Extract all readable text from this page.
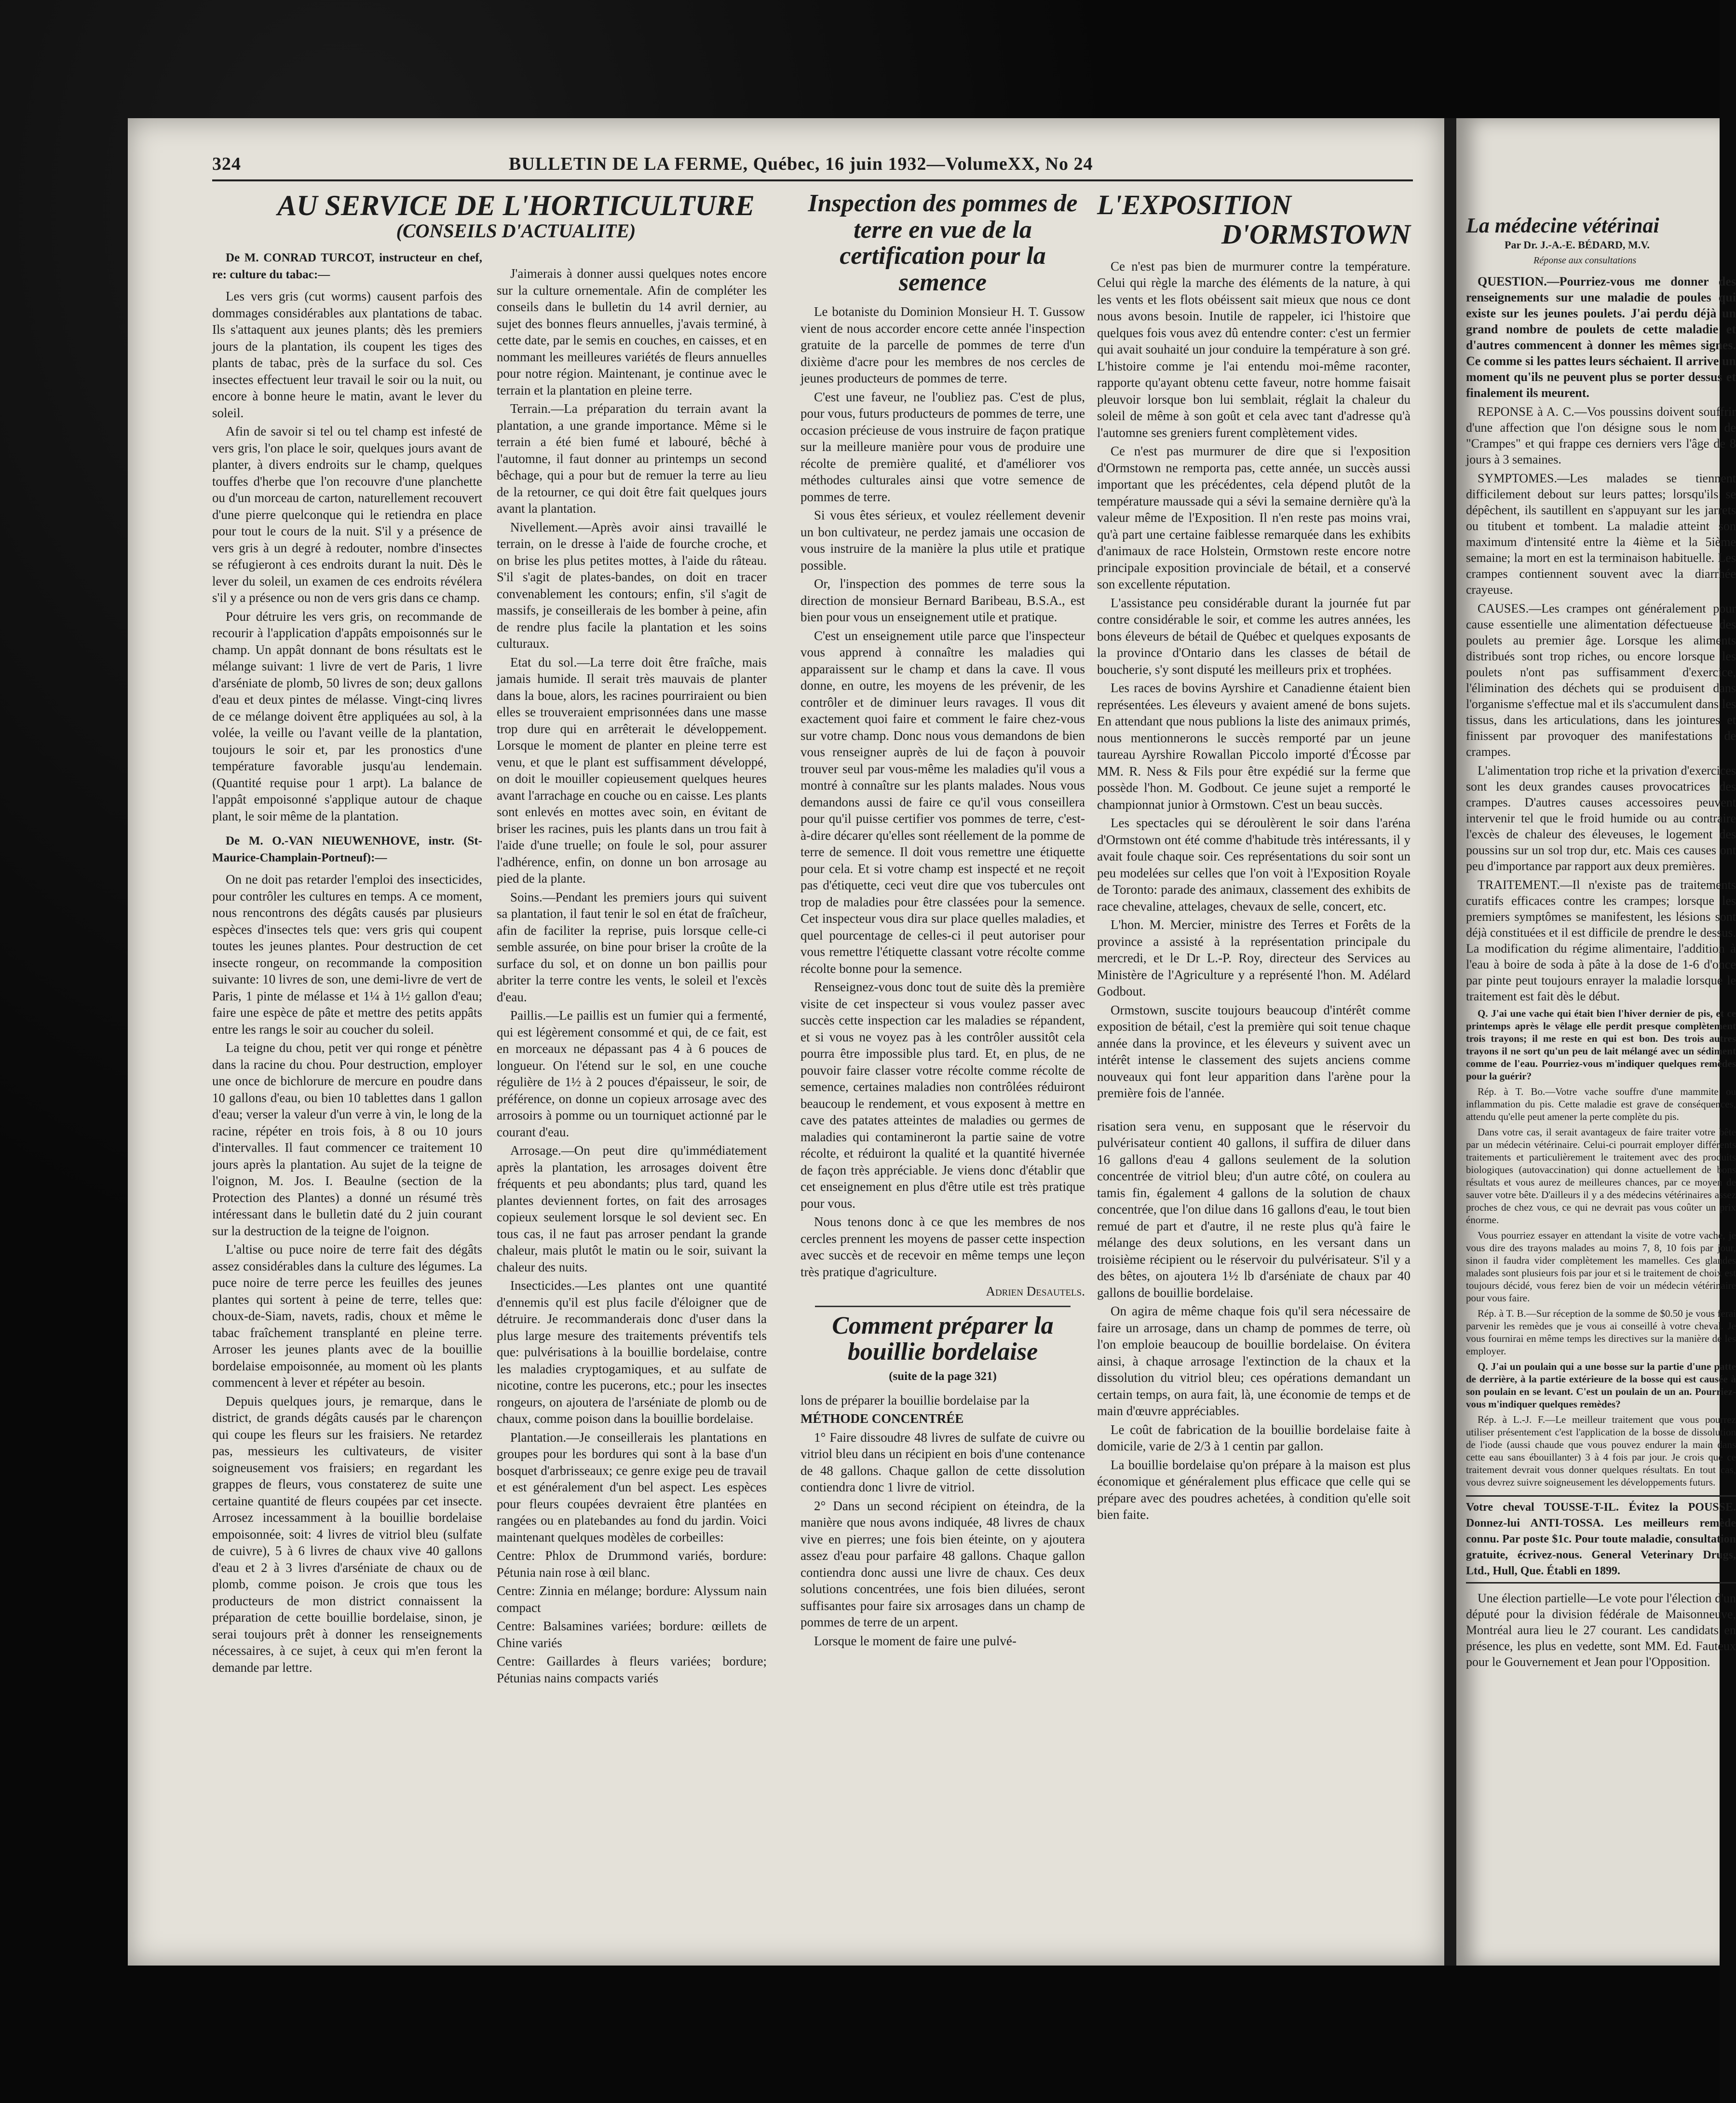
324	BULLETIN DE LA FERME, Québec, 16 juin 1932—VolumeXX, No 24
AU SERVICE DE L'HORTICULTURE
(CONSEILS D'ACTUALITE)
De M. CONRAD TURCOT, instructeur en chef, re: culture du tabac:—

Les vers gris (cut worms) causent parfois des dommages considérables aux plantations de tabac. Ils s'attaquent aux jeunes plants; dès les premiers jours de la plantation, ils coupent les tiges des plants de tabac, près de la surface du sol. Ces insectes effectuent leur travail le soir ou la nuit, ou encore à bonne heure le matin, avant le lever du soleil.

Afin de savoir si tel ou tel champ est infesté de vers gris, l'on place le soir, quelques jours avant de planter, à divers endroits sur le champ, quelques touffes d'herbe que l'on recouvre d'une planchette ou d'un morceau de carton, naturellement recouvert d'une pierre quelconque qui le retiendra en place pour tout le cours de la nuit. S'il y a présence de vers gris à un degré à redouter, nombre d'insectes se réfugieront à ces endroits durant la nuit. Dès le lever du soleil, un examen de ces endroits révélera s'il y a présence ou non de vers gris dans ce champ.

Pour détruire les vers gris, on recommande de recourir à l'application d'appâts empoisonnés sur le champ. Un appât donnant de bons résultats est le mélange suivant: 1 livre de vert de Paris, 1 livre d'arséniate de plomb, 50 livres de son; deux gallons d'eau et deux pintes de mélasse. Vingt-cinq livres de ce mélange doivent être appliquées au sol, à la volée, la veille ou l'avant veille de la plantation, toujours le soir et, par les pronostics d'une température favorable jusqu'au lendemain. (Quantité requise pour 1 arpt). La balance de l'appât empoisonné s'applique autour de chaque plant, le soir même de la plantation.

De M. O.-VAN NIEUWENHOVE, instr. (St-Maurice-Champlain-Portneuf):—

On ne doit pas retarder l'emploi des insecticides, pour contrôler les cultures en temps. A ce moment, nous rencontrons des dégâts causés par plusieurs espèces d'insectes tels que: vers gris qui coupent toutes les jeunes plantes. Pour destruction de cet insecte rongeur, on recommande la composition suivante: 10 livres de son, une demi-livre de vert de Paris, 1 pinte de mélasse et 1¼ à 1½ gallon d'eau; faire une espèce de pâte et mettre des petits appâts entre les rangs le soir au coucher du soleil.

La teigne du chou, petit ver qui ronge et pénètre dans la racine du chou. Pour destruction, employer une once de bichlorure de mercure en poudre dans 10 gallons d'eau, ou bien 10 tablettes dans 1 gallon d'eau; verser la valeur d'un verre à vin, le long de la racine, répéter en trois fois, à 8 ou 10 jours d'intervalles. Il faut commencer ce traitement 10 jours après la plantation. Au sujet de la teigne de l'oignon, M. Jos. I. Beaulne (section de la Protection des Plantes) a donné un résumé très intéressant dans le bulletin daté du 2 juin courant sur la destruction de la teigne de l'oignon.

L'altise ou puce noire de terre fait des dégâts assez considérables dans la culture des légumes. La puce noire de terre perce les feuilles des jeunes plantes qui sortent à peine de terre, telles que: choux-de-Siam, navets, radis, choux et même le tabac fraîchement transplanté en pleine terre. Arroser les jeunes plants avec de la bouillie bordelaise empoisonnée, au moment où les plants commencent à lever et répéter au besoin.

Depuis quelques jours, je remarque, dans le district, de grands dégâts causés par le charençon qui coupe les fleurs sur les fraisiers. Ne retardez pas, messieurs les cultivateurs, de visiter soigneusement vos fraisiers; en regardant les grappes de fleurs, vous constaterez de suite une certaine quantité de fleurs coupées par cet insecte. Arrosez incessamment à la bouillie bordelaise empoisonnée, soit: 4 livres de vitriol bleu (sulfate de cuivre), 5 à 6 livres de chaux vive 40 gallons d'eau et 2 à 3 livres d'arséniate de chaux ou de plomb, comme poison. Je crois que tous les producteurs de mon district connaissent la préparation de cette bouillie bordelaise, sinon, je serai toujours prêt à donner les renseignements nécessaires, à ce sujet, à ceux qui m'en feront la demande par lettre.

J'aimerais à donner aussi quelques notes encore sur la culture ornementale. Afin de compléter les conseils dans le bulletin du 14 avril dernier, au sujet des bonnes fleurs annuelles, j'avais terminé, à cette date, par le semis en couches, en caisses, et en nommant les meilleures variétés de fleurs annuelles pour notre région. Maintenant, je continue avec le terrain et la plantation en pleine terre.

Terrain.—La préparation du terrain avant la plantation, a une grande importance. Même si le terrain a été bien fumé et labouré, bêché à l'automne, il faut donner au printemps un second bêchage, qui a pour but de remuer la terre au lieu de la retourner, ce qui doit être fait quelques jours avant la plantation.

Nivellement.—Après avoir ainsi travaillé le terrain, on le dresse à l'aide de fourche croche, et on brise les plus petites mottes, à l'aide du râteau. S'il s'agit de plates-bandes, on doit en tracer convenablement les contours; enfin, s'il s'agit de massifs, je conseillerais de les bomber à peine, afin de rendre plus facile la plantation et les soins culturaux.

Etat du sol.—La terre doit être fraîche, mais jamais humide. Il serait très mauvais de planter dans la boue, alors, les racines pourriraient ou bien elles se trouveraient emprisonnées dans une masse trop dure qui en arrêterait le développement. Lorsque le moment de planter en pleine terre est venu, et que le plant est suffisamment développé, on doit le mouiller copieusement quelques heures avant l'arrachage en couche ou en caisse. Les plants sont enlevés en mottes avec soin, en évitant de briser les racines, puis les plants dans un trou fait à l'aide d'une truelle; on foule le sol, pour assurer l'adhérence, enfin, on donne un bon arrosage au pied de la plante.

Soins.—Pendant les premiers jours qui suivent sa plantation, il faut tenir le sol en état de fraîcheur, afin de faciliter la reprise, puis lorsque celle-ci semble assurée, on bine pour briser la croûte de la surface du sol, et on donne un bon paillis pour abriter la terre contre les vents, le soleil et l'excès d'eau.

Paillis.—Le paillis est un fumier qui a fermenté, qui est légèrement consommé et qui, de ce fait, est en morceaux ne dépassant pas 4 à 6 pouces de longueur. On l'étend sur le sol, en une couche régulière de 1½ à 2 pouces d'épaisseur, le soir, de préférence, on donne un copieux arrosage avec des arrosoirs à pomme ou un tourniquet actionné par le courant d'eau.

Arrosage.—On peut dire qu'immédiatement après la plantation, les arrosages doivent être fréquents et peu abondants; plus tard, quand les plantes deviennent fortes, on fait des arrosages copieux seulement lorsque le sol devient sec. En tous cas, il ne faut pas arroser pendant la grande chaleur, mais plutôt le matin ou le soir, suivant la chaleur des nuits.

Insecticides.—Les plantes ont une quantité d'ennemis qu'il est plus facile d'éloigner que de détruire. Je recommanderais donc d'user dans la plus large mesure des traitements préventifs tels que: pulvérisations à la bouillie bordelaise, contre les maladies cryptogamiques, et au sulfate de nicotine, contre les pucerons, etc.; pour les insectes rongeurs, on ajoutera de l'arséniate de plomb ou de chaux, comme poison dans la bouillie bordelaise.

Plantation.—Je conseillerais les plantations en groupes pour les bordures qui sont à la base d'un bosquet d'arbrisseaux; ce genre exige peu de travail et est généralement d'un bel aspect. Les espèces pour fleurs coupées devraient être plantées en rangées ou en platebandes au fond du jardin. Voici maintenant quelques modèles de corbeilles:

Centre: Phlox de Drummond variés, bordure: Pétunia nain rose à œil blanc.

Centre: Zinnia en mélange; bordure: Alyssum nain compact

Centre: Balsamines variées; bordure: œillets de Chine variés

Centre: Gaillardes à fleurs variées; bordure; Pétunias nains compacts variés

Inspection des pommes de terre en vue de la certification pour la semence

Le botaniste du Dominion Monsieur H. T. Gussow vient de nous accorder encore cette année l'inspection gratuite de la parcelle de pommes de terre d'un dixième d'acre pour les membres de nos cercles de jeunes producteurs de pommes de terre.

C'est une faveur, ne l'oubliez pas. C'est de plus, pour vous, futurs producteurs de pommes de terre, une occasion précieuse de vous instruire de façon pratique sur la meilleure manière pour vous de produire une récolte de première qualité, et d'améliorer vos méthodes culturales ainsi que votre semence de pommes de terre.

Si vous êtes sérieux, et voulez réellement devenir un bon cultivateur, ne perdez jamais une occasion de vous instruire de la manière la plus utile et pratique possible.

Or, l'inspection des pommes de terre sous la direction de monsieur Bernard Baribeau, B.S.A., est bien pour vous un enseignement utile et pratique.

C'est un enseignement utile parce que l'inspecteur vous apprend à connaître les maladies qui apparaissent sur le champ et dans la cave. Il vous donne, en outre, les moyens de les prévenir, de les contrôler et de diminuer leurs ravages. Il vous dit exactement quoi faire et comment le faire chez-vous sur votre champ. Donc nous vous demandons de bien vous renseigner auprès de lui de façon à pouvoir trouver seul par vous-même les maladies qu'il vous a montré à connaître sur les plants malades. Nous vous demandons aussi de faire ce qu'il vous conseillera pour qu'il puisse certifier vos pommes de terre, c'est-à-dire décarer qu'elles sont réellement de la pomme de terre de semence. Il doit vous remettre une étiquette pour cela. Et si votre champ est inspecté et ne reçoit pas d'étiquette, ceci veut dire que vos tubercules ont trop de maladies pour être classées pour la semence. Cet inspecteur vous dira sur place quelles maladies, et quel pourcentage de celles-ci il peut autoriser pour vous remettre l'étiquette classant votre récolte comme récolte bonne pour la semence.

Renseignez-vous donc tout de suite dès la première visite de cet inspecteur si vous voulez passer avec succès cette inspection car les maladies se répandent, et si vous ne voyez pas à les contrôler aussitôt cela pourra être impossible plus tard. Et, en plus, de ne pouvoir faire classer votre récolte comme récolte de semence, certaines maladies non contrôlées réduiront beaucoup le rendement, et vous exposent à mettre en cave des patates atteintes de maladies ou germes de maladies qui contamineront la partie saine de votre récolte, et réduiront la qualité et la quantité hivernée de façon très appréciable. Je viens donc d'établir que cet enseignement en plus d'être utile est très pratique pour vous.

Nous tenons donc à ce que les membres de nos cercles prennent les moyens de passer cette inspection avec succès et de recevoir en même temps une leçon très pratique d'agriculture.

Adrien Desautels.

Comment préparer la bouillie bordelaise
(suite de la page 321)

lons de préparer la bouillie bordelaise par la

MÉTHODE CONCENTRÉE

1° Faire dissoudre 48 livres de sulfate de cuivre ou vitriol bleu dans un récipient en bois d'une contenance de 48 gallons. Chaque gallon de cette dissolution contiendra donc 1 livre de vitriol.

2° Dans un second récipient on éteindra, de la manière que nous avons indiquée, 48 livres de chaux vive en pierres; une fois bien éteinte, on y ajoutera assez d'eau pour parfaire 48 gallons. Chaque gallon contiendra donc aussi une livre de chaux. Ces deux solutions concentrées, une fois bien diluées, seront suffisantes pour faire six arrosages dans un champ de pommes de terre de un arpent.

Lorsque le moment de faire une pulvé-

L'EXPOSITION
D'ORMSTOWN

Ce n'est pas bien de murmurer contre la température. Celui qui règle la marche des éléments de la nature, à qui les vents et les flots obéissent sait mieux que nous ce dont nous avons besoin. Inutile de rappeler, ici l'histoire que quelques fois vous avez dû entendre conter: c'est un fermier qui avait souhaité un jour conduire la température à son gré. L'histoire comme je l'ai entendu moi-même raconter, rapporte qu'ayant obtenu cette faveur, notre homme faisait pleuvoir lorsque bon lui semblait, réglait la chaleur du soleil de même à son goût et cela avec tant d'adresse qu'à l'automne ses greniers furent complètement vides.

Ce n'est pas murmurer de dire que si l'exposition d'Ormstown ne remporta pas, cette année, un succès aussi important que les précédentes, cela dépend plutôt de la température maussade qui a sévi la semaine dernière qu'à la valeur même de l'Exposition. Il n'en reste pas moins vrai, qu'à part une certaine faiblesse remarquée dans les exhibits d'animaux de race Holstein, Ormstown reste encore notre principale exposition provinciale de bétail, et a conservé son excellente réputation.

L'assistance peu considérable durant la journée fut par contre considérable le soir, et comme les autres années, les bons éleveurs de bétail de Québec et quelques exposants de la province d'Ontario dans les classes de bétail de boucherie, s'y sont disputé les meilleurs prix et trophées.

Les races de bovins Ayrshire et Canadienne étaient bien représentées. Les éleveurs y avaient amené de bons sujets. En attendant que nous publions la liste des animaux primés, nous mentionnerons le succès remporté par un jeune taureau Ayrshire Rowallan Piccolo importé d'Écosse par MM. R. Ness & Fils pour être expédié sur la ferme que possède l'hon. M. Godbout. Ce jeune sujet a remporté le championnat junior à Ormstown. C'est un beau succès.

Les spectacles qui se déroulèrent le soir dans l'aréna d'Ormstown ont été comme d'habitude très intéressants, il y avait foule chaque soir. Ces représentations du soir sont un peu modelées sur celles que l'on voit à l'Exposition Royale de Toronto: parade des animaux, classement des exhibits de race chevaline, attelages, chevaux de selle, concert, etc.

L'hon. M. Mercier, ministre des Terres et Forêts de la province a assisté à la représentation principale du mercredi, et le Dr L.-P. Roy, directeur des Services au Ministère de l'Agriculture y a représenté l'hon. M. Adélard Godbout.

Ormstown, suscite toujours beaucoup d'intérêt comme exposition de bétail, c'est la première qui soit tenue chaque année dans la province, et les éleveurs y suivent avec un intérêt intense le classement des sujets anciens comme nouveaux qui font leur apparition dans l'arène pour la première fois de l'année.

risation sera venu, en supposant que le réservoir du pulvérisateur contient 40 gallons, il suffira de diluer dans 16 gallons d'eau 4 gallons seulement de la solution concentrée de vitriol bleu; d'un autre côté, on coulera au tamis fin, également 4 gallons de la solution de chaux concentrée, que l'on dilue dans 16 gallons d'eau, le tout bien remué de part et d'autre, il ne reste plus qu'à faire le mélange des deux solutions, en les versant dans un troisième récipient ou le réservoir du pulvérisateur. S'il y a des bêtes, on ajoutera 1½ lb d'arséniate de chaux par 40 gallons de bouillie bordelaise.

On agira de même chaque fois qu'il sera nécessaire de faire un arrosage, dans un champ de pommes de terre, où l'on emploie beaucoup de bouillie bordelaise. On évitera ainsi, à chaque arrosage l'extinction de la chaux et la dissolution du vitriol bleu; ces opérations demandant un certain temps, on aura fait, là, une économie de temps et de main d'œuvre appréciables.

Le coût de fabrication de la bouillie bordelaise faite à domicile, varie de 2/3 à 1 centin par gallon.

La bouillie bordelaise qu'on prépare à la maison est plus économique et généralement plus efficace que celle qui se prépare avec des poudres achetées, à condition qu'elle soit bien faite.

La médecine vétérinai
Par Dr. J.-A.-E. BÉDARD, M.V.
Réponse aux consultations

QUESTION.—Pourriez-vous me donner des renseignements sur une maladie de poules qui existe sur les jeunes poulets. J'ai perdu déjà un grand nombre de poulets de cette maladie et d'autres commencent à donner les mêmes signes. Ce comme si les pattes leurs séchaient. Il arrive un moment qu'ils ne peuvent plus se porter dessus et finalement ils meurent.

REPONSE à A. C.—Vos poussins doivent souffrir d'une affection que l'on désigne sous le nom de "Crampes" et qui frappe ces derniers vers l'âge de 8 jours à 3 semaines.

SYMPTOMES.—Les malades se tiennent difficilement debout sur leurs pattes; lorsqu'ils se dépêchent, ils sautillent en s'appuyant sur les jarrets ou titubent et tombent. La maladie atteint son maximum d'intensité entre la 4ième et la 5ième semaine; la mort en est la terminaison habituelle. Les crampes contiennent souvent avec la diarrhée crayeuse.

CAUSES.—Les crampes ont généralement pour cause essentielle une alimentation défectueuse des poulets au premier âge. Lorsque les aliments distribués sont trop riches, ou encore lorsque les poulets n'ont pas suffisamment d'exercice, l'élimination des déchets qui se produisent dans l'organisme s'effectue mal et ils s'accumulent dans les tissus, dans les articulations, dans les jointures et finissent par provoquer des manifestations de crampes.

L'alimentation trop riche et la privation d'exercices sont les deux grandes causes provocatrices des crampes. D'autres causes accessoires peuvent intervenir tel que le froid humide ou au contraire l'excès de chaleur des éleveuses, le logement des poussins sur un sol trop dur, etc. Mais ces causes ont peu d'importance par rapport aux deux premières.

TRAITEMENT.—Il n'existe pas de traitements curatifs efficaces contre les crampes; lorsque les premiers symptômes se manifestent, les lésions sont déjà constituées et il est difficile de prendre le dessus. La modification du régime alimentaire, l'addition à l'eau à boire de soda à pâte à la dose de 1-6 d'once par pinte peut toujours enrayer la maladie lorsque le traitement est fait dès le début.

Q. J'ai une vache qui était bien l'hiver dernier de pis, et ce printemps après le vêlage elle perdit presque complètement trois trayons; il me reste en qui est bon. Des trois autres trayons il ne sort qu'un peu de lait mélangé avec un sédiment comme de l'eau. Pourriez-vous m'indiquer quelques remèdes pour la guérir?

Rép. à T. Bo.—Votre vache souffre d'une mammite ou inflammation du pis. Cette maladie est grave de conséquences, attendu qu'elle peut amener la perte complète du pis.

Dans votre cas, il serait avantageux de faire traiter votre bête par un médecin vétérinaire. Celui-ci pourrait employer différents traitements et particulièrement le traitement avec des produits biologiques (autovaccination) qui donne actuellement de bons résultats et vous aurez de meilleures chances, par ce moyen de sauver votre bête. D'ailleurs il y a des médecins vétérinaires assez proches de chez vous, ce qui ne devrait pas vous coûter un prix énorme.

Vous pourriez essayer en attendant la visite de votre vache, je vous dire des trayons malades au moins 7, 8, 10 fois par jour, sinon il faudra vider complètement les mamelles. Ces glandes malades sont plusieurs fois par jour et si le traitement de choix est toujours décidé, vous ferez bien de voir un médecin vétérinaire pour vous faire.

Rép. à T. B.—Sur réception de la somme de $0.50 je vous ferai parvenir les remèdes que je vous ai conseillé à votre cheval. Je vous fournirai en même temps les directives sur la manière de les employer.

Q. J'ai un poulain qui a une bosse sur la partie d'une patte de derrière, à la partie extérieure de la bosse qui est causée à son poulain en se levant. C'est un poulain de un an. Pourriez-vous m'indiquer quelques remèdes?

Rép. à L.-J. F.—Le meilleur traitement que vous pourrez utiliser présentement c'est l'application de la bosse de dissolution de l'iode (aussi chaude que vous pouvez endurer la main dans cette eau sans ébouillanter) 3 à 4 fois par jour. Je crois que ce traitement devrait vous donner quelques résultats. En tout cas, vous devrez suivre soigneusement les développements futurs.

Votre cheval TOUSSE-T-IL. Évitez la POUSSE. Donnez-lui ANTI-TOSSA. Les meilleurs remède connu. Par poste $1c. Pour toute maladie, consultation gratuite, écrivez-nous. General Veterinary Drugs, Ltd., Hull, Que. Établi en 1899.

Une élection partielle—Le vote pour l'élection d'un député pour la division fédérale de Maisonneuve, Montréal aura lieu le 27 courant. Les candidats en présence, les plus en vedette, sont MM. Ed. Fauteux pour le Gouvernement et Jean pour l'Opposition.
